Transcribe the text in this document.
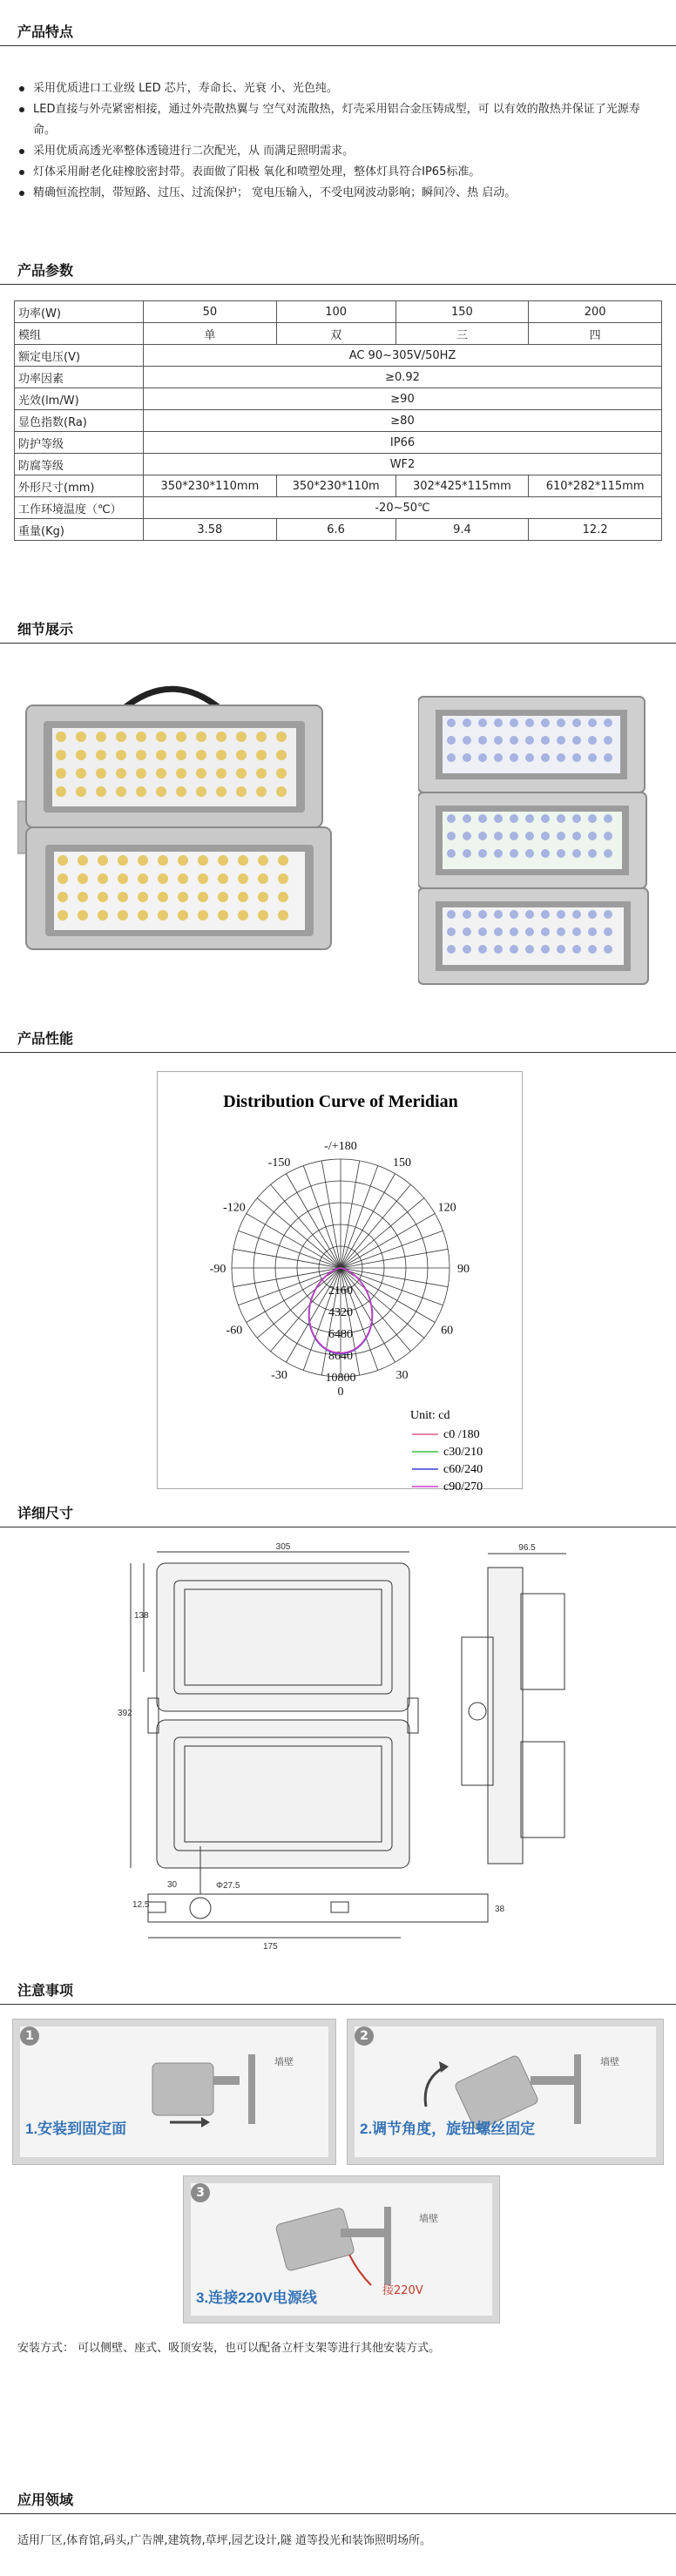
产品特点
采用优质进口工业级 LED 芯片，寿命长、光衰 小、光色纯。
LED直接与外壳紧密相接，通过外壳散热翼与 空气对流散热，灯壳采用铝合金压铸成型，可 以有效的散热并保证了光源寿命。
采用优质高透光率整体透镜进行二次配光，从 而满足照明需求。
灯体采用耐老化硅橡胶密封带。表面做了阳极 氧化和喷塑处理，整体灯具符合IP65标准。
精确恒流控制，带短路、过压、过流保护； 宽电压输入，不受电网波动影响；瞬间冷、热 启动。
产品参数
功率(W)	50	100	150	200
模组	单	双	三	四
额定电压(V)	AC 90~305V/50HZ			
功率因素	≥0.92			
光效(lm/W)	≥90			
显色指数(Ra)	≥80			
防护等级	IP66			
防腐等级	WF2			
外形尺寸(mm)	350*230*110mm	350*230*110m	302*425*115mm	610*282*115mm
工作环境温度（℃）	-20~50℃			
重量(Kg)	3.58	6.6	9.4	12.2
细节展示
产品性能
Distribution Curve of Meridian
-/+180
-150	150
-120	120
-90	90
-60	60
-30	30
0
2160
4320
6480
8640
10800
Unit: cd
c0 /180
c30/210
c60/240
c90/270
详细尺寸
305	96.5
138
392
Φ27.5
30
12.5
175
38
注意事项
1
墙壁
1.安装到固定面
2
墙壁
2.调节角度，旋钮螺丝固定
3
墙壁
接220V
3.连接220V电源线
安装方式： 可以侧壁、座式、吸顶安装，也可以配备立杆支架等进行其他安装方式。
应用领域
适用厂区,体育馆,码头,广告牌,建筑物,草坪,园艺设计,隧 道等投光和装饰照明场所。
